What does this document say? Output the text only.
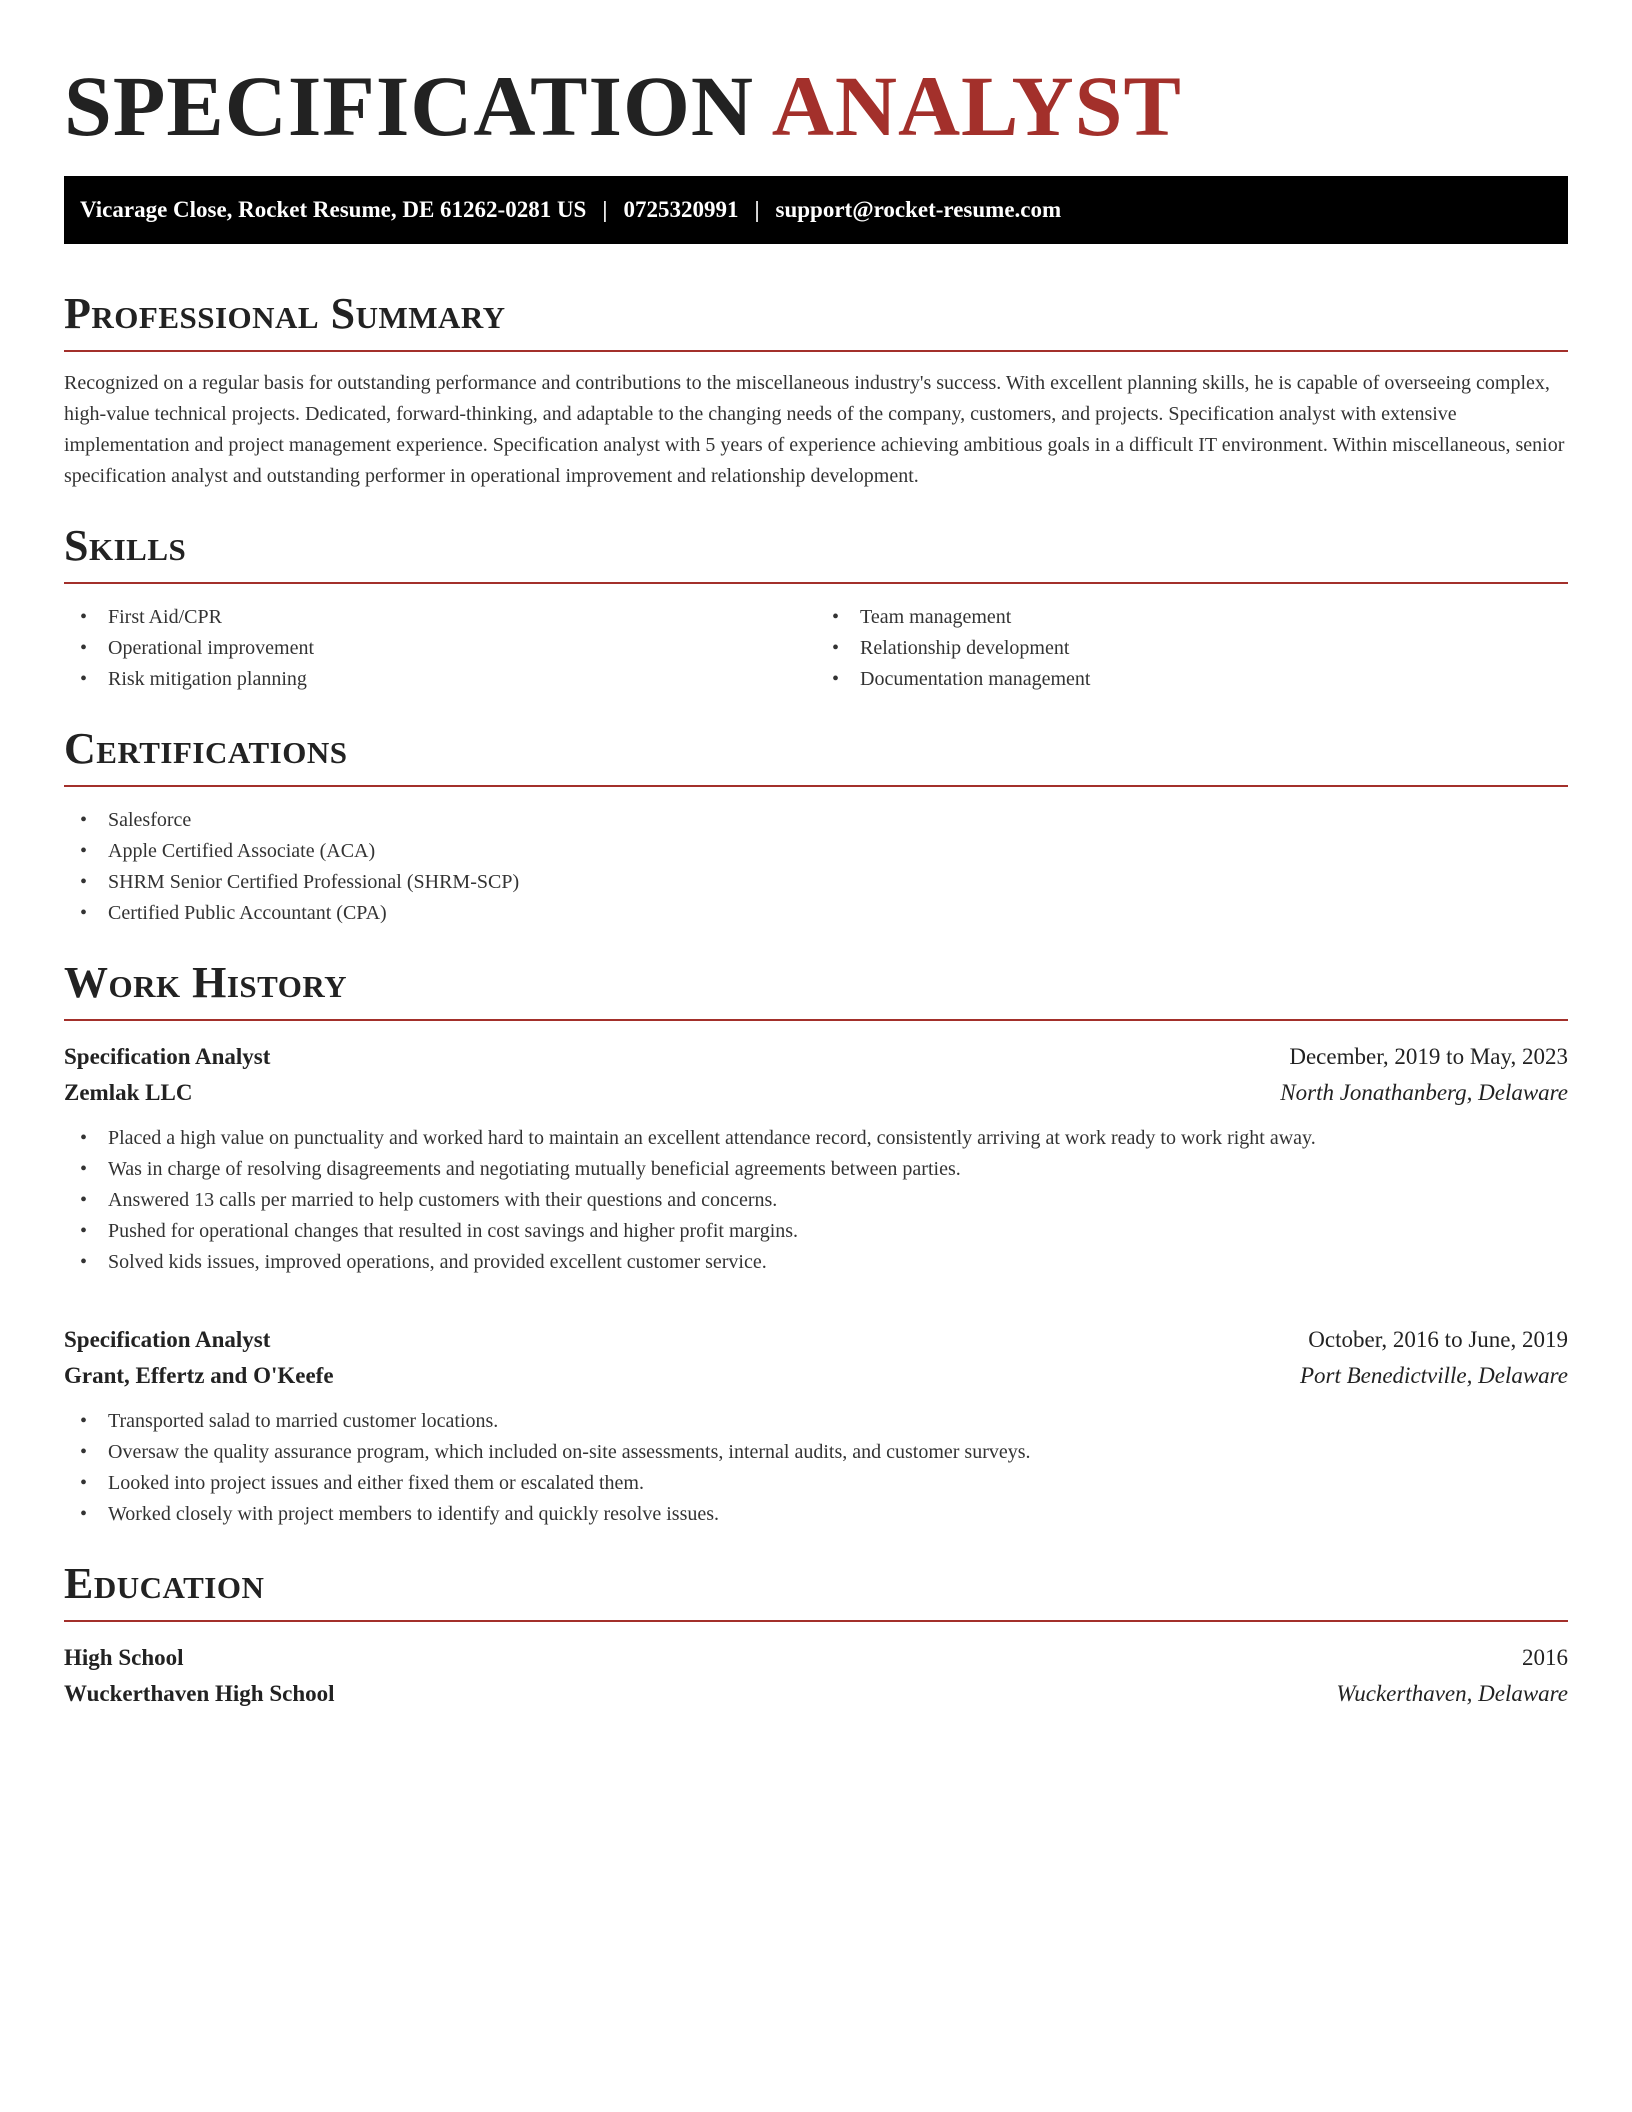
SPECIFICATION ANALYST
Vicarage Close, Rocket Resume, DE 61262-0281 US | 0725320991 | support@rocket-resume.com
Professional Summary

Recognized on a regular basis for outstanding performance and contributions to the miscellaneous industry's success. With excellent planning skills, he is capable of overseeing complex, high-value technical projects. Dedicated, forward-thinking, and adaptable to the changing needs of the company, customers, and projects. Specification analyst with extensive implementation and project management experience. Specification analyst with 5 years of experience achieving ambitious goals in a difficult IT environment. Within miscellaneous, senior specification analyst and outstanding performer in operational improvement and relationship development.

Skills
• First Aid/CPR
• Operational improvement
• Risk mitigation planning
• Team management
• Relationship development
• Documentation management
Certifications
• Salesforce
• Apple Certified Associate (ACA)
• SHRM Senior Certified Professional (SHRM-SCP)
• Certified Public Accountant (CPA)
Work History
Specification Analyst	December, 2019 to May, 2023
Zemlak LLC	North Jonathanberg, Delaware
• Placed a high value on punctuality and worked hard to maintain an excellent attendance record, consistently arriving at work ready to work right away.
• Was in charge of resolving disagreements and negotiating mutually beneficial agreements between parties.
• Answered 13 calls per married to help customers with their questions and concerns.
• Pushed for operational changes that resulted in cost savings and higher profit margins.
• Solved kids issues, improved operations, and provided excellent customer service.
Specification Analyst	October, 2016 to June, 2019
Grant, Effertz and O'Keefe	Port Benedictville, Delaware
• Transported salad to married customer locations.
• Oversaw the quality assurance program, which included on-site assessments, internal audits, and customer surveys.
• Looked into project issues and either fixed them or escalated them.
• Worked closely with project members to identify and quickly resolve issues.
Education
High School	2016
Wuckerthaven High School	Wuckerthaven, Delaware
